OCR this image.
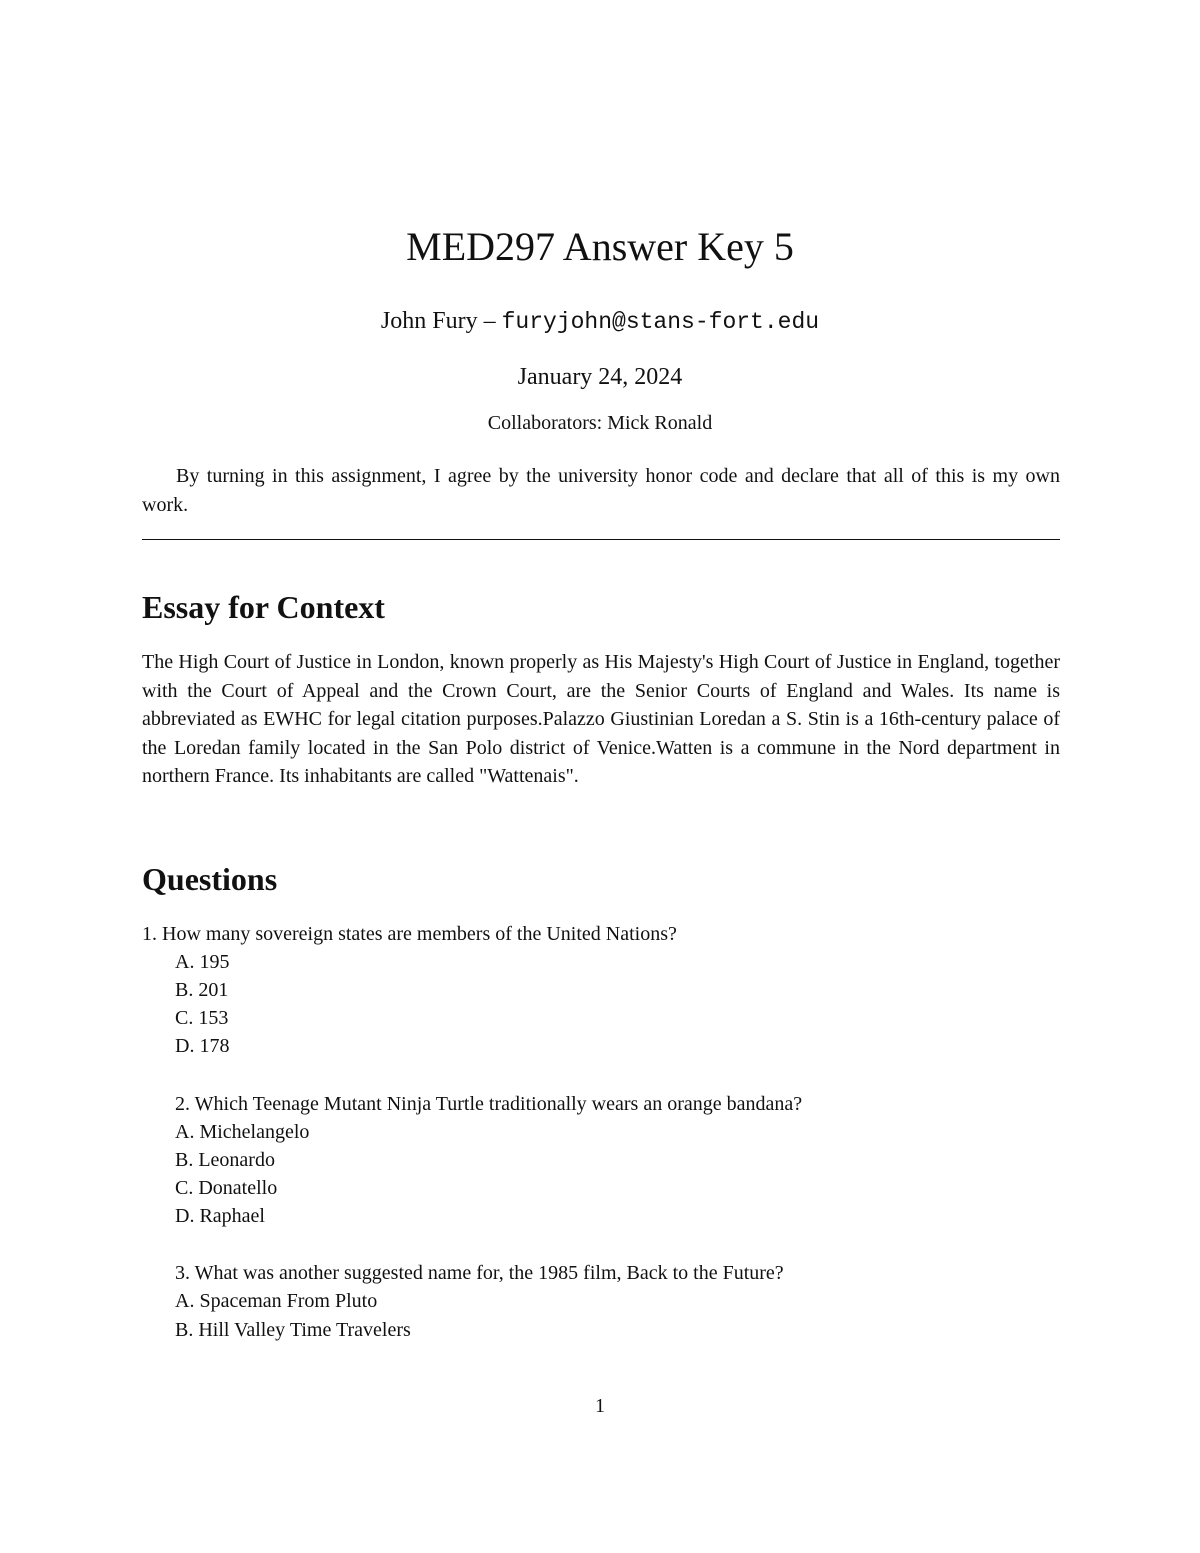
MED297 Answer Key 5
John Fury – furyjohn@stans-fort.edu
January 24, 2024
Collaborators: Mick Ronald

By turning in this assignment, I agree by the university honor code and declare that all of this is my own work.

Essay for Context

The High Court of Justice in London, known properly as His Majesty's High Court of Justice in England, together with the Court of Appeal and the Crown Court, are the Senior Courts of England and Wales. Its name is abbreviated as EWHC for legal citation purposes.Palazzo Giustinian Loredan a S. Stin is a 16th-century palace of the Loredan family located in the San Polo district of Venice.Watten is a commune in the Nord department in northern France. Its inhabitants are called "Wattenais".

Questions
1. How many sovereign states are members of the United Nations?
A. 195
B. 201
C. 153
D. 178
2. Which Teenage Mutant Ninja Turtle traditionally wears an orange bandana?
A. Michelangelo
B. Leonardo
C. Donatello
D. Raphael
3. What was another suggested name for, the 1985 film, Back to the Future?
A. Spaceman From Pluto
B. Hill Valley Time Travelers
1
